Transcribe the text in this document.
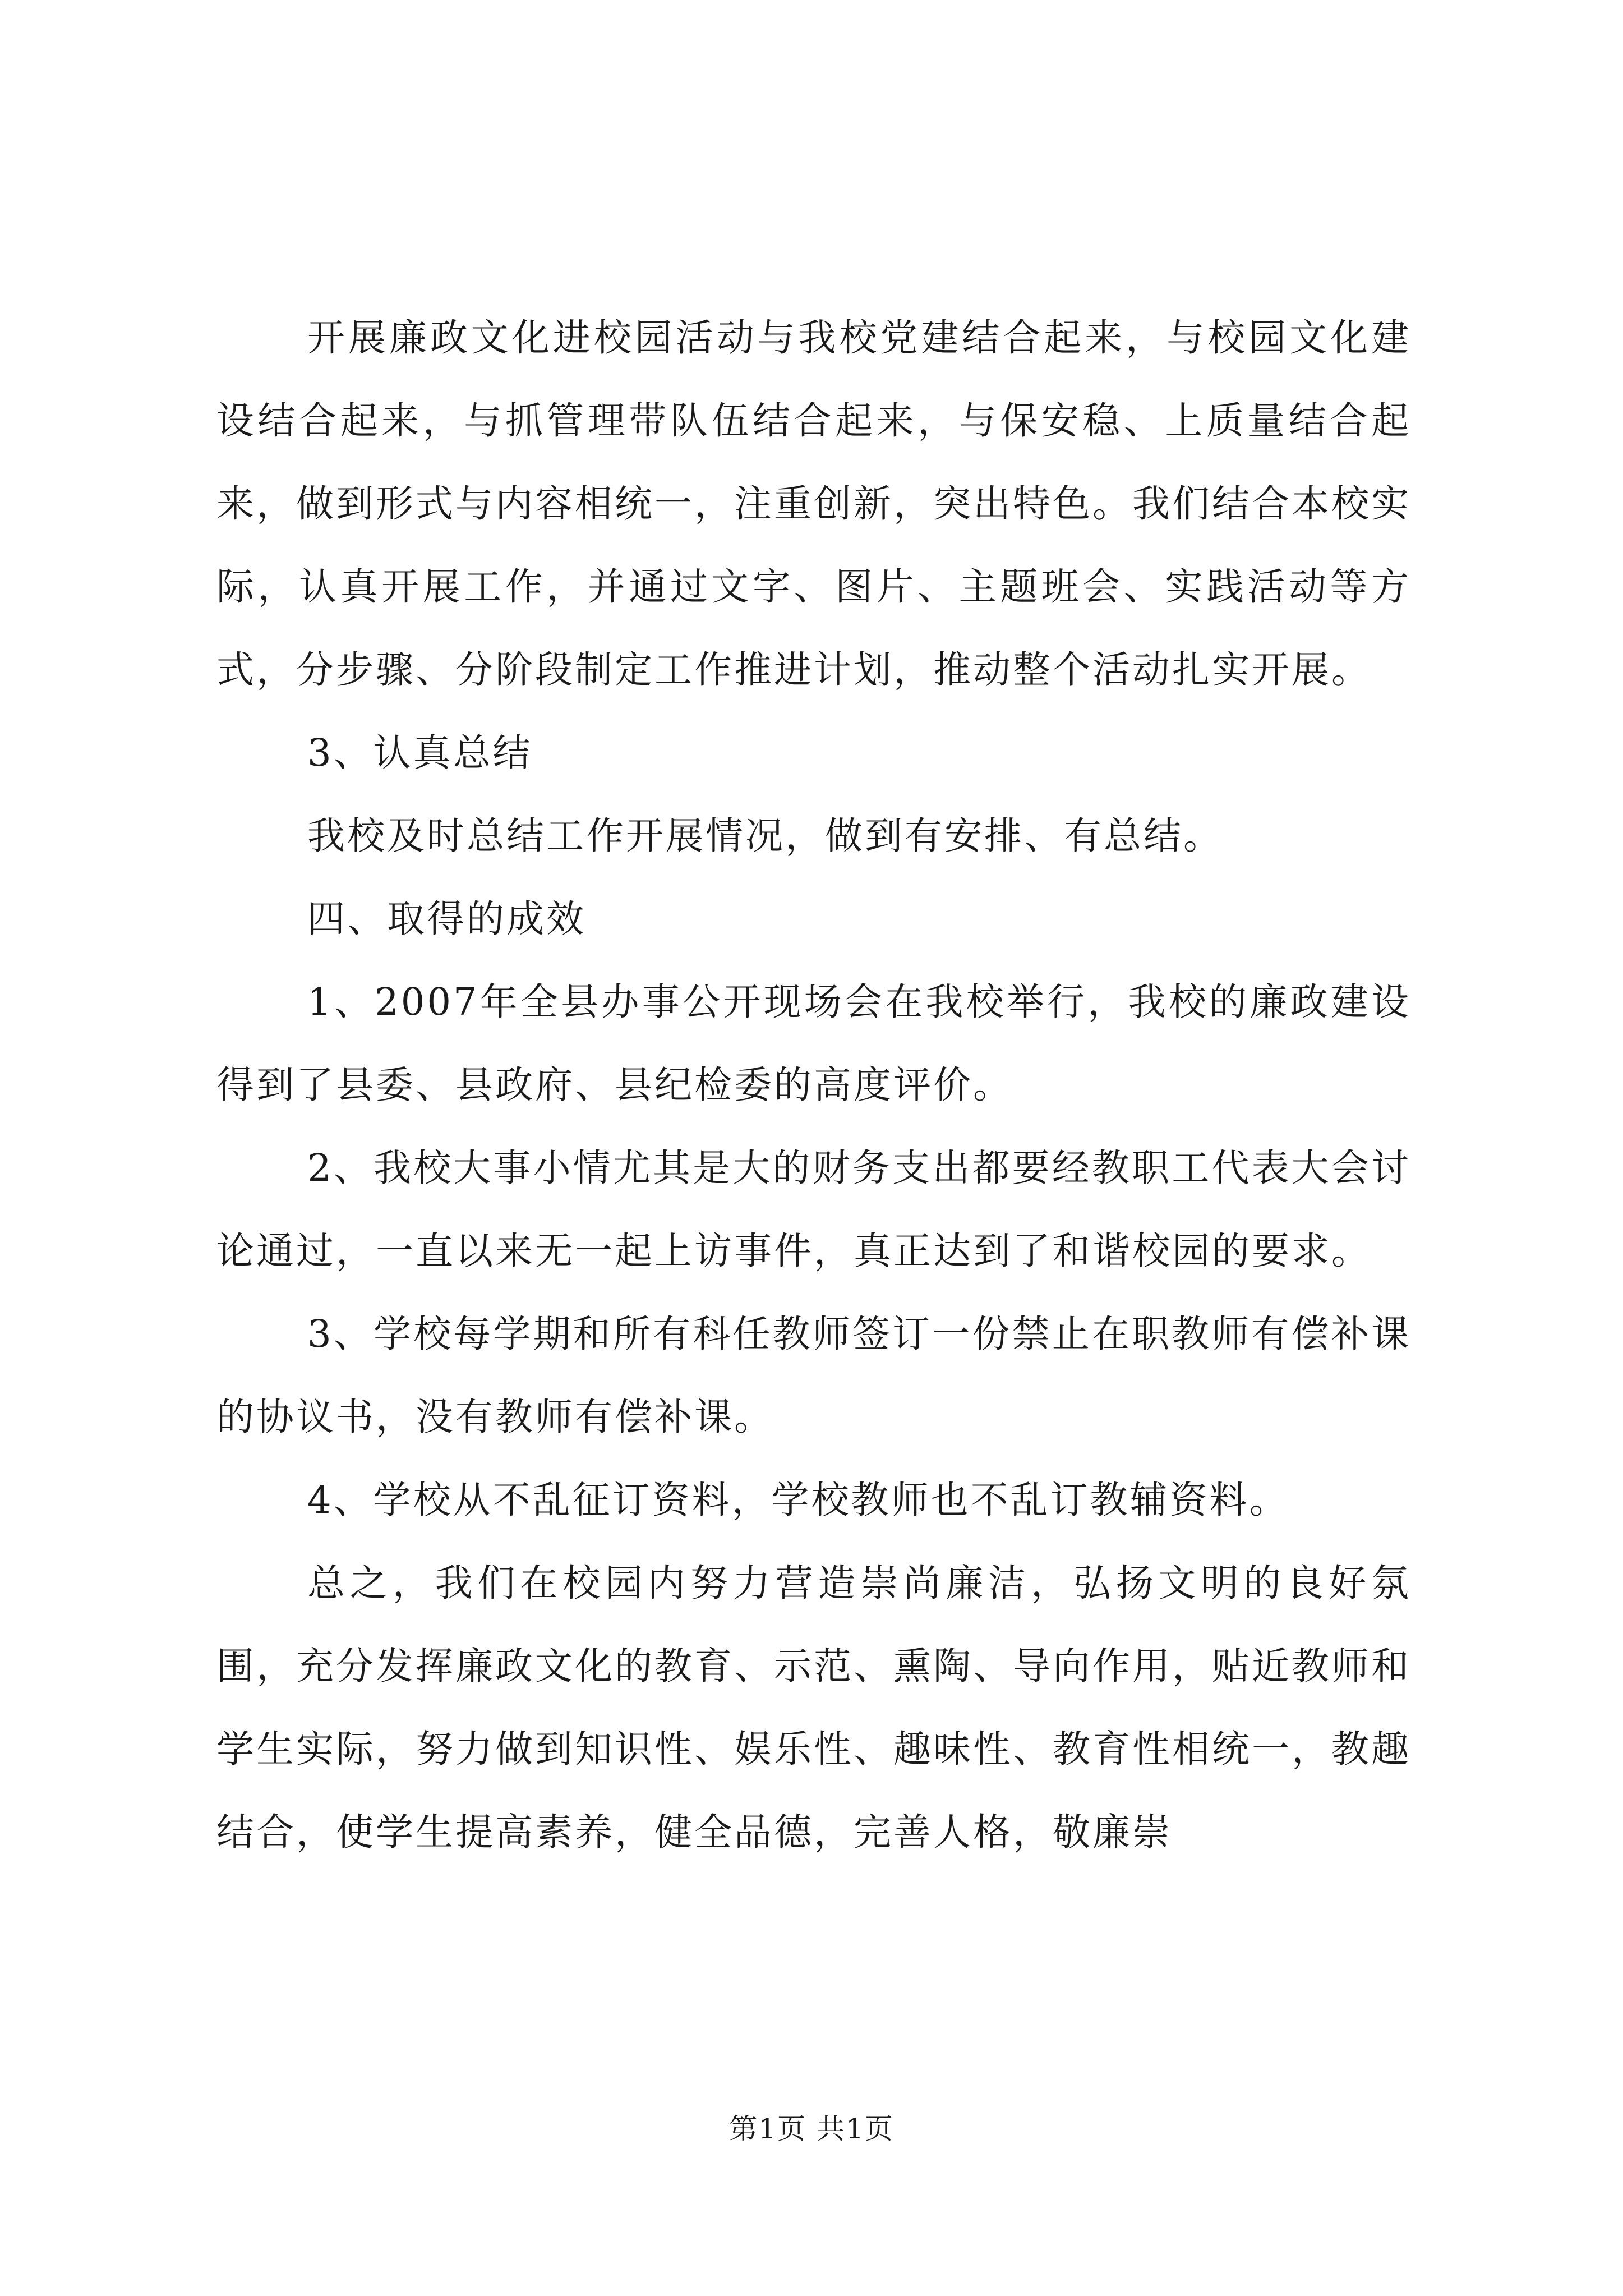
开展廉政文化进校园活动与我校党建结合起来，与校园文化建设结合起来，与抓管理带队伍结合起来，与保安稳、上质量结合起来，做到形式与内容相统一，注重创新，突出特色。我们结合本校实际，认真开展工作，并通过文字、图片、主题班会、实践活动等方式，分步骤、分阶段制定工作推进计划，推动整个活动扎实开展。

3、认真总结

我校及时总结工作开展情况，做到有安排、有总结。

四、取得的成效

1、2007年全县办事公开现场会在我校举行，我校的廉政建设得到了县委、县政府、县纪检委的高度评价。

2、我校大事小情尤其是大的财务支出都要经教职工代表大会讨论通过，一直以来无一起上访事件，真正达到了和谐校园的要求。

3、学校每学期和所有科任教师签订一份禁止在职教师有偿补课的协议书，没有教师有偿补课。

4、学校从不乱征订资料，学校教师也不乱订教辅资料。

总之，我们在校园内努力营造崇尚廉洁，弘扬文明的良好氛围，充分发挥廉政文化的教育、示范、熏陶、导向作用，贴近教师和学生实际，努力做到知识性、娱乐性、趣味性、教育性相统一，教趣结合，使学生提高素养，健全品德，完善人格，敬廉崇

第1页 共1页
